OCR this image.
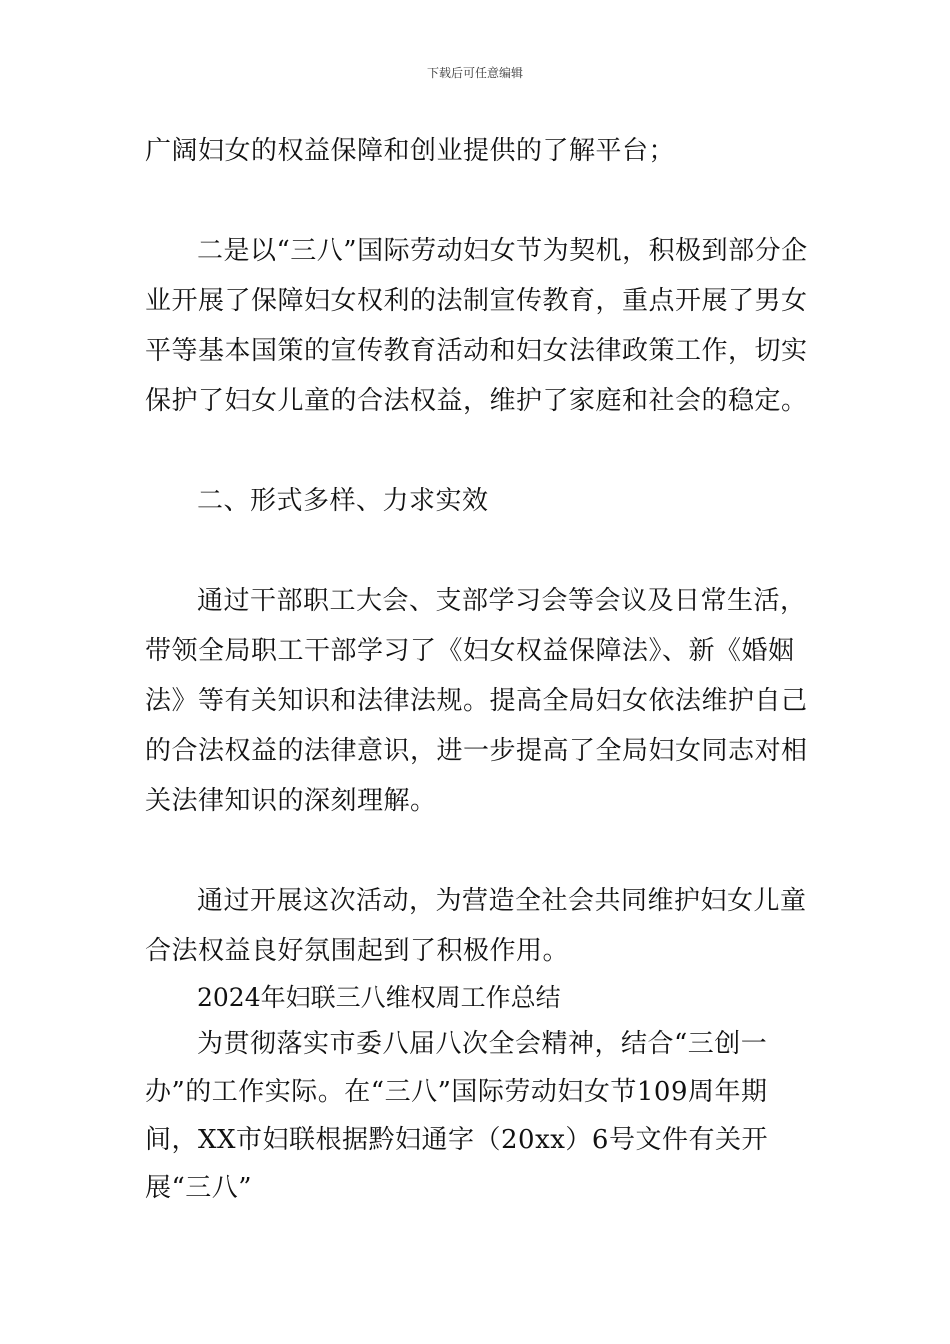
下载后可任意编辑

广阔妇女的权益保障和创业提供的了解平台；

二是以“三八”国际劳动妇女节为契机，积极到部分企业开展了保障妇女权利的法制宣传教育，重点开展了男女平等基本国策的宣传教育活动和妇女法律政策工作，切实保护了妇女儿童的合法权益，维护了家庭和社会的稳定。

二、形式多样、力求实效

通过干部职工大会、支部学习会等会议及日常生活，带领全局职工干部学习了《妇女权益保障法》、新《婚姻法》等有关知识和法律法规。提高全局妇女依法维护自己的合法权益的法律意识，进一步提高了全局妇女同志对相关法律知识的深刻理解。

通过开展这次活动，为营造全社会共同维护妇女儿童合法权益良好氛围起到了积极作用。

2024年妇联三八维权周工作总结

为贯彻落实市委八届八次全会精神，结合“三创一办”的工作实际。在“三八”国际劳动妇女节109周年期间，XX市妇联根据黔妇通字（20xx）6号文件有关开展“三八”
